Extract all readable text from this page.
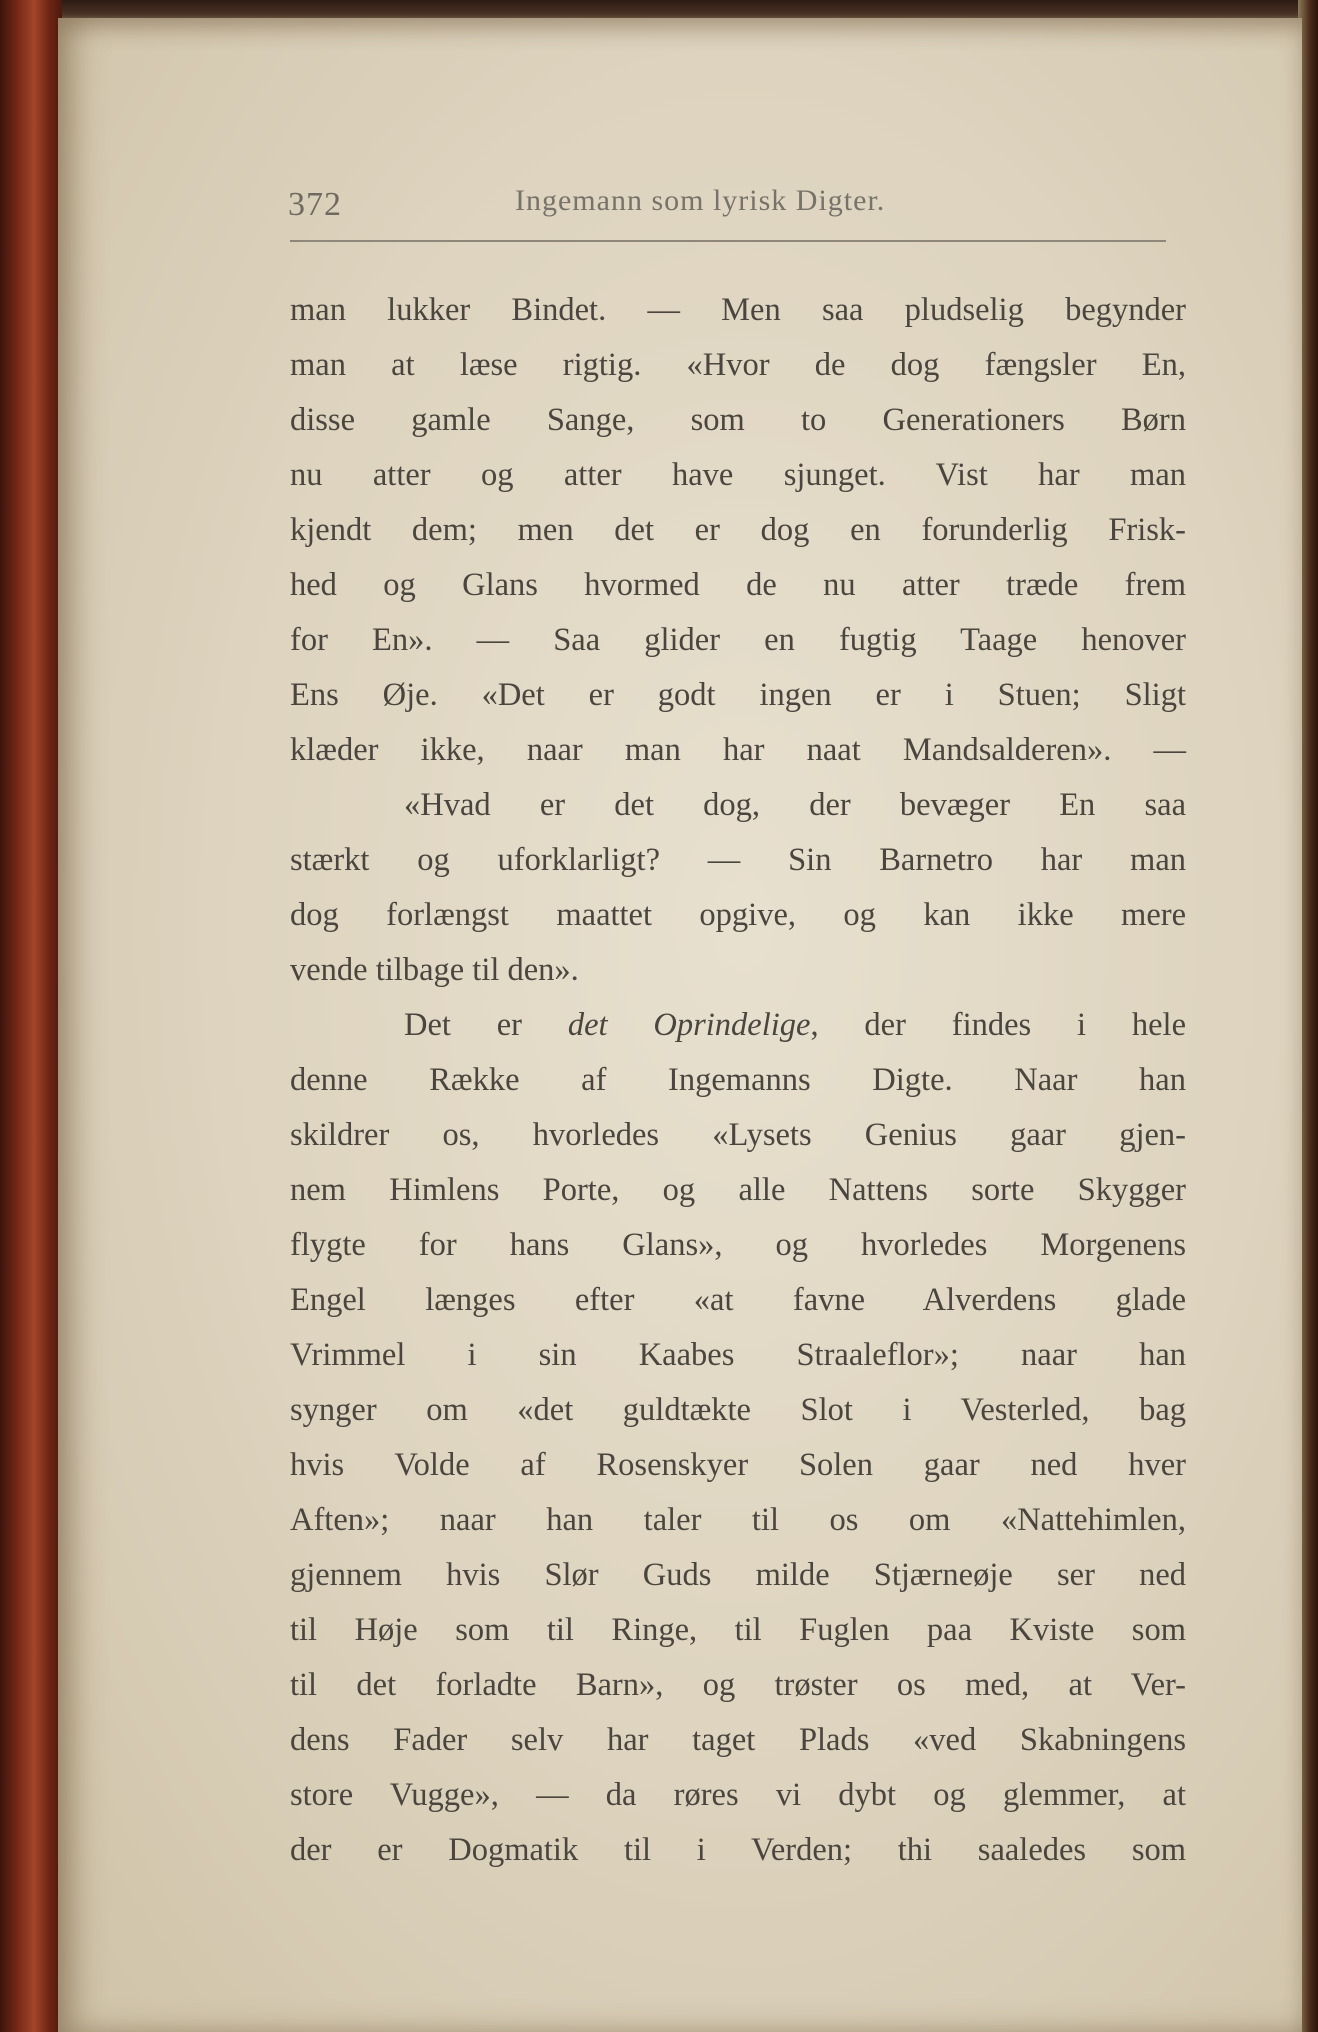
372	Ingemann som lyrisk Digter.
man lukker Bindet. — Men saa pludselig begynder
man at læse rigtig. «Hvor de dog fængsler En,
disse gamle Sange, som to Generationers Børn
nu atter og atter have sjunget. Vist har man
kjendt dem; men det er dog en forunderlig Frisk-
hed og Glans hvormed de nu atter træde frem
for En». — Saa glider en fugtig Taage henover
Ens Øje. «Det er godt ingen er i Stuen; Sligt
klæder ikke, naar man har naat Mandsalderen». —
«Hvad er det dog, der bevæger En saa
stærkt og uforklarligt? — Sin Barnetro har man
dog forlængst maattet opgive, og kan ikke mere
vende tilbage til den».
Det er det Oprindelige, der findes i hele
denne Række af Ingemanns Digte. Naar han
skildrer os, hvorledes «Lysets Genius gaar gjen-
nem Himlens Porte, og alle Nattens sorte Skygger
flygte for hans Glans», og hvorledes Morgenens
Engel længes efter «at favne Alverdens glade
Vrimmel i sin Kaabes Straaleflor»; naar han
synger om «det guldtækte Slot i Vesterled, bag
hvis Volde af Rosenskyer Solen gaar ned hver
Aften»; naar han taler til os om «Nattehimlen,
gjennem hvis Slør Guds milde Stjærneøje ser ned
til Høje som til Ringe, til Fuglen paa Kviste som
til det forladte Barn», og trøster os med, at Ver-
dens Fader selv har taget Plads «ved Skabningens
store Vugge», — da røres vi dybt og glemmer, at
der er Dogmatik til i Verden; thi saaledes som
